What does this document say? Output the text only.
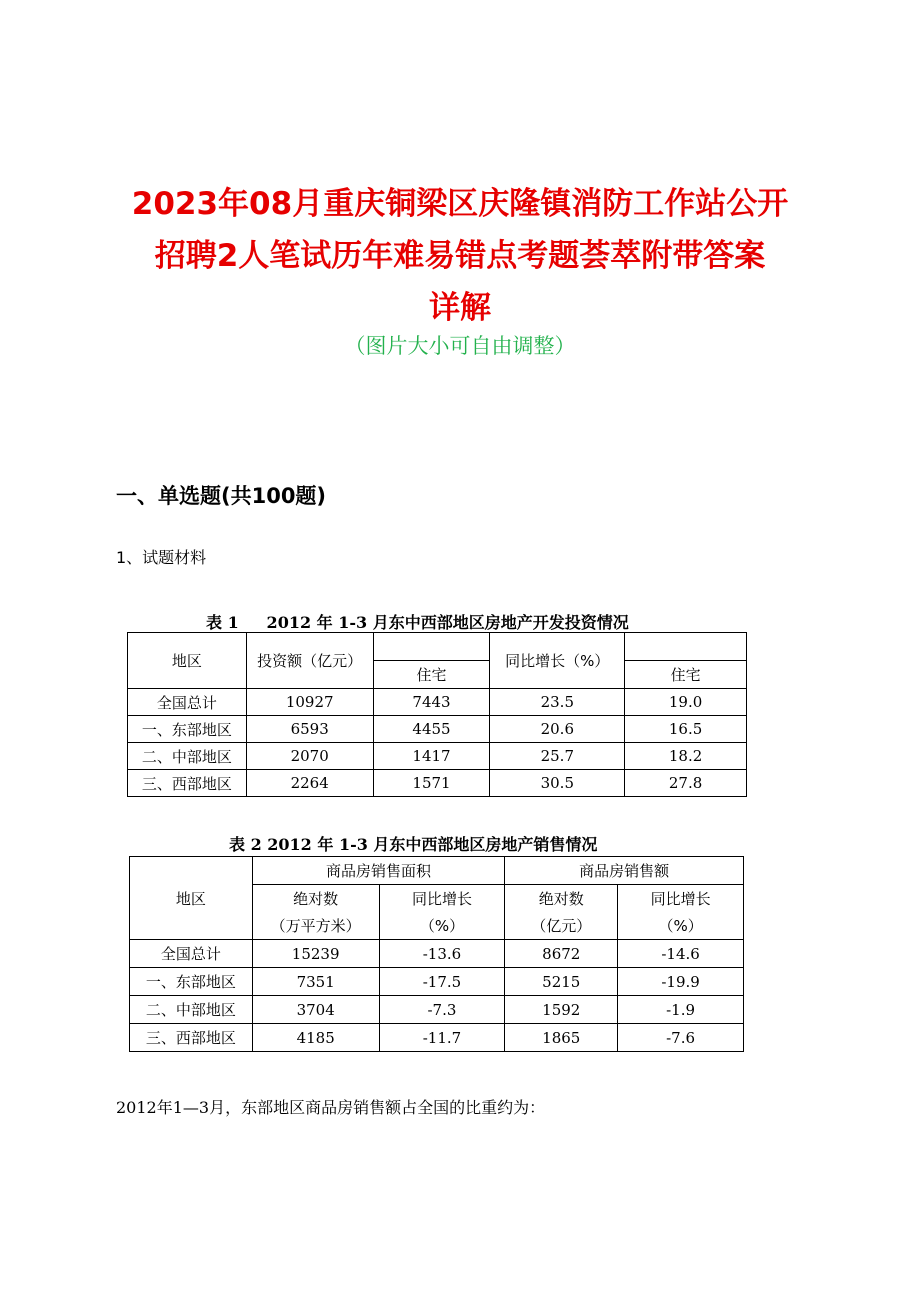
2023年08月重庆铜梁区庆隆镇消防工作站公开
招聘2人笔试历年难易错点考题荟萃附带答案
详解
（图片大小可自由调整）
一、单选题(共100题)
1、试题材料
表 1     2012 年 1-3 月东中西部地区房地产开发投资情况
地区	投资额（亿元）		同比增长（%）	
		住宅		住宅
全国总计	10927	7443	23.5	19.0
一、东部地区	6593	4455	20.6	16.5
二、中部地区	2070	1417	25.7	18.2
三、西部地区	2264	1571	30.5	27.8
表 2 2012 年 1-3 月东中西部地区房地产销售情况
地区	商品房销售面积		商品房销售额	
	绝对数	同比增长	绝对数	同比增长
	（万平方米）	（%）	（亿元）	（%）
全国总计	15239	-13.6	8672	-14.6
一、东部地区	7351	-17.5	5215	-19.9
二、中部地区	3704	-7.3	1592	-1.9
三、西部地区	4185	-11.7	1865	-7.6
2012年1—3月，东部地区商品房销售额占全国的比重约为：
